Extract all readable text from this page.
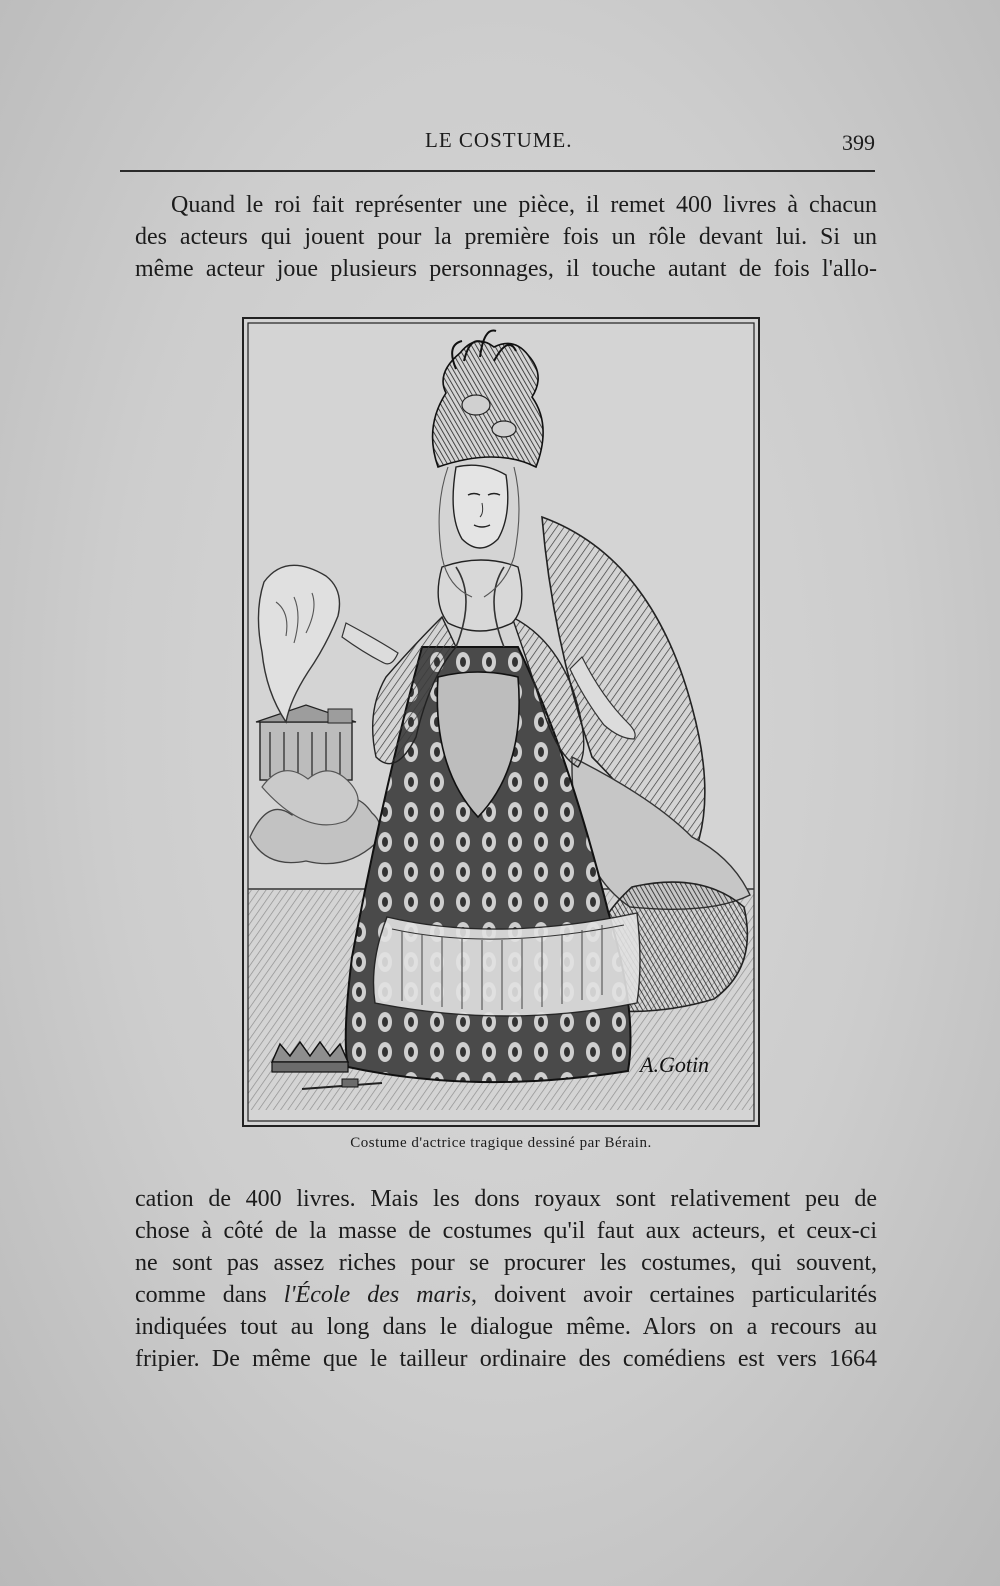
LE COSTUME.	399

Quand le roi fait représenter une pièce, il remet 400 livres à chacun
des acteurs qui jouent pour la première fois un rôle devant lui. Si un
même acteur joue plusieurs personnages, il touche autant de fois l'allo-

A.Gotin
Costume d'actrice tragique dessiné par Bérain.

cation de 400 livres. Mais les dons royaux sont relativement peu de
chose à côté de la masse de costumes qu'il faut aux acteurs, et ceux-ci
ne sont pas assez riches pour se procurer les costumes, qui souvent,
comme dans l'École des maris, doivent avoir certaines particularités
indiquées tout au long dans le dialogue même. Alors on a recours au
fripier. De même que le tailleur ordinaire des comédiens est vers 1664
